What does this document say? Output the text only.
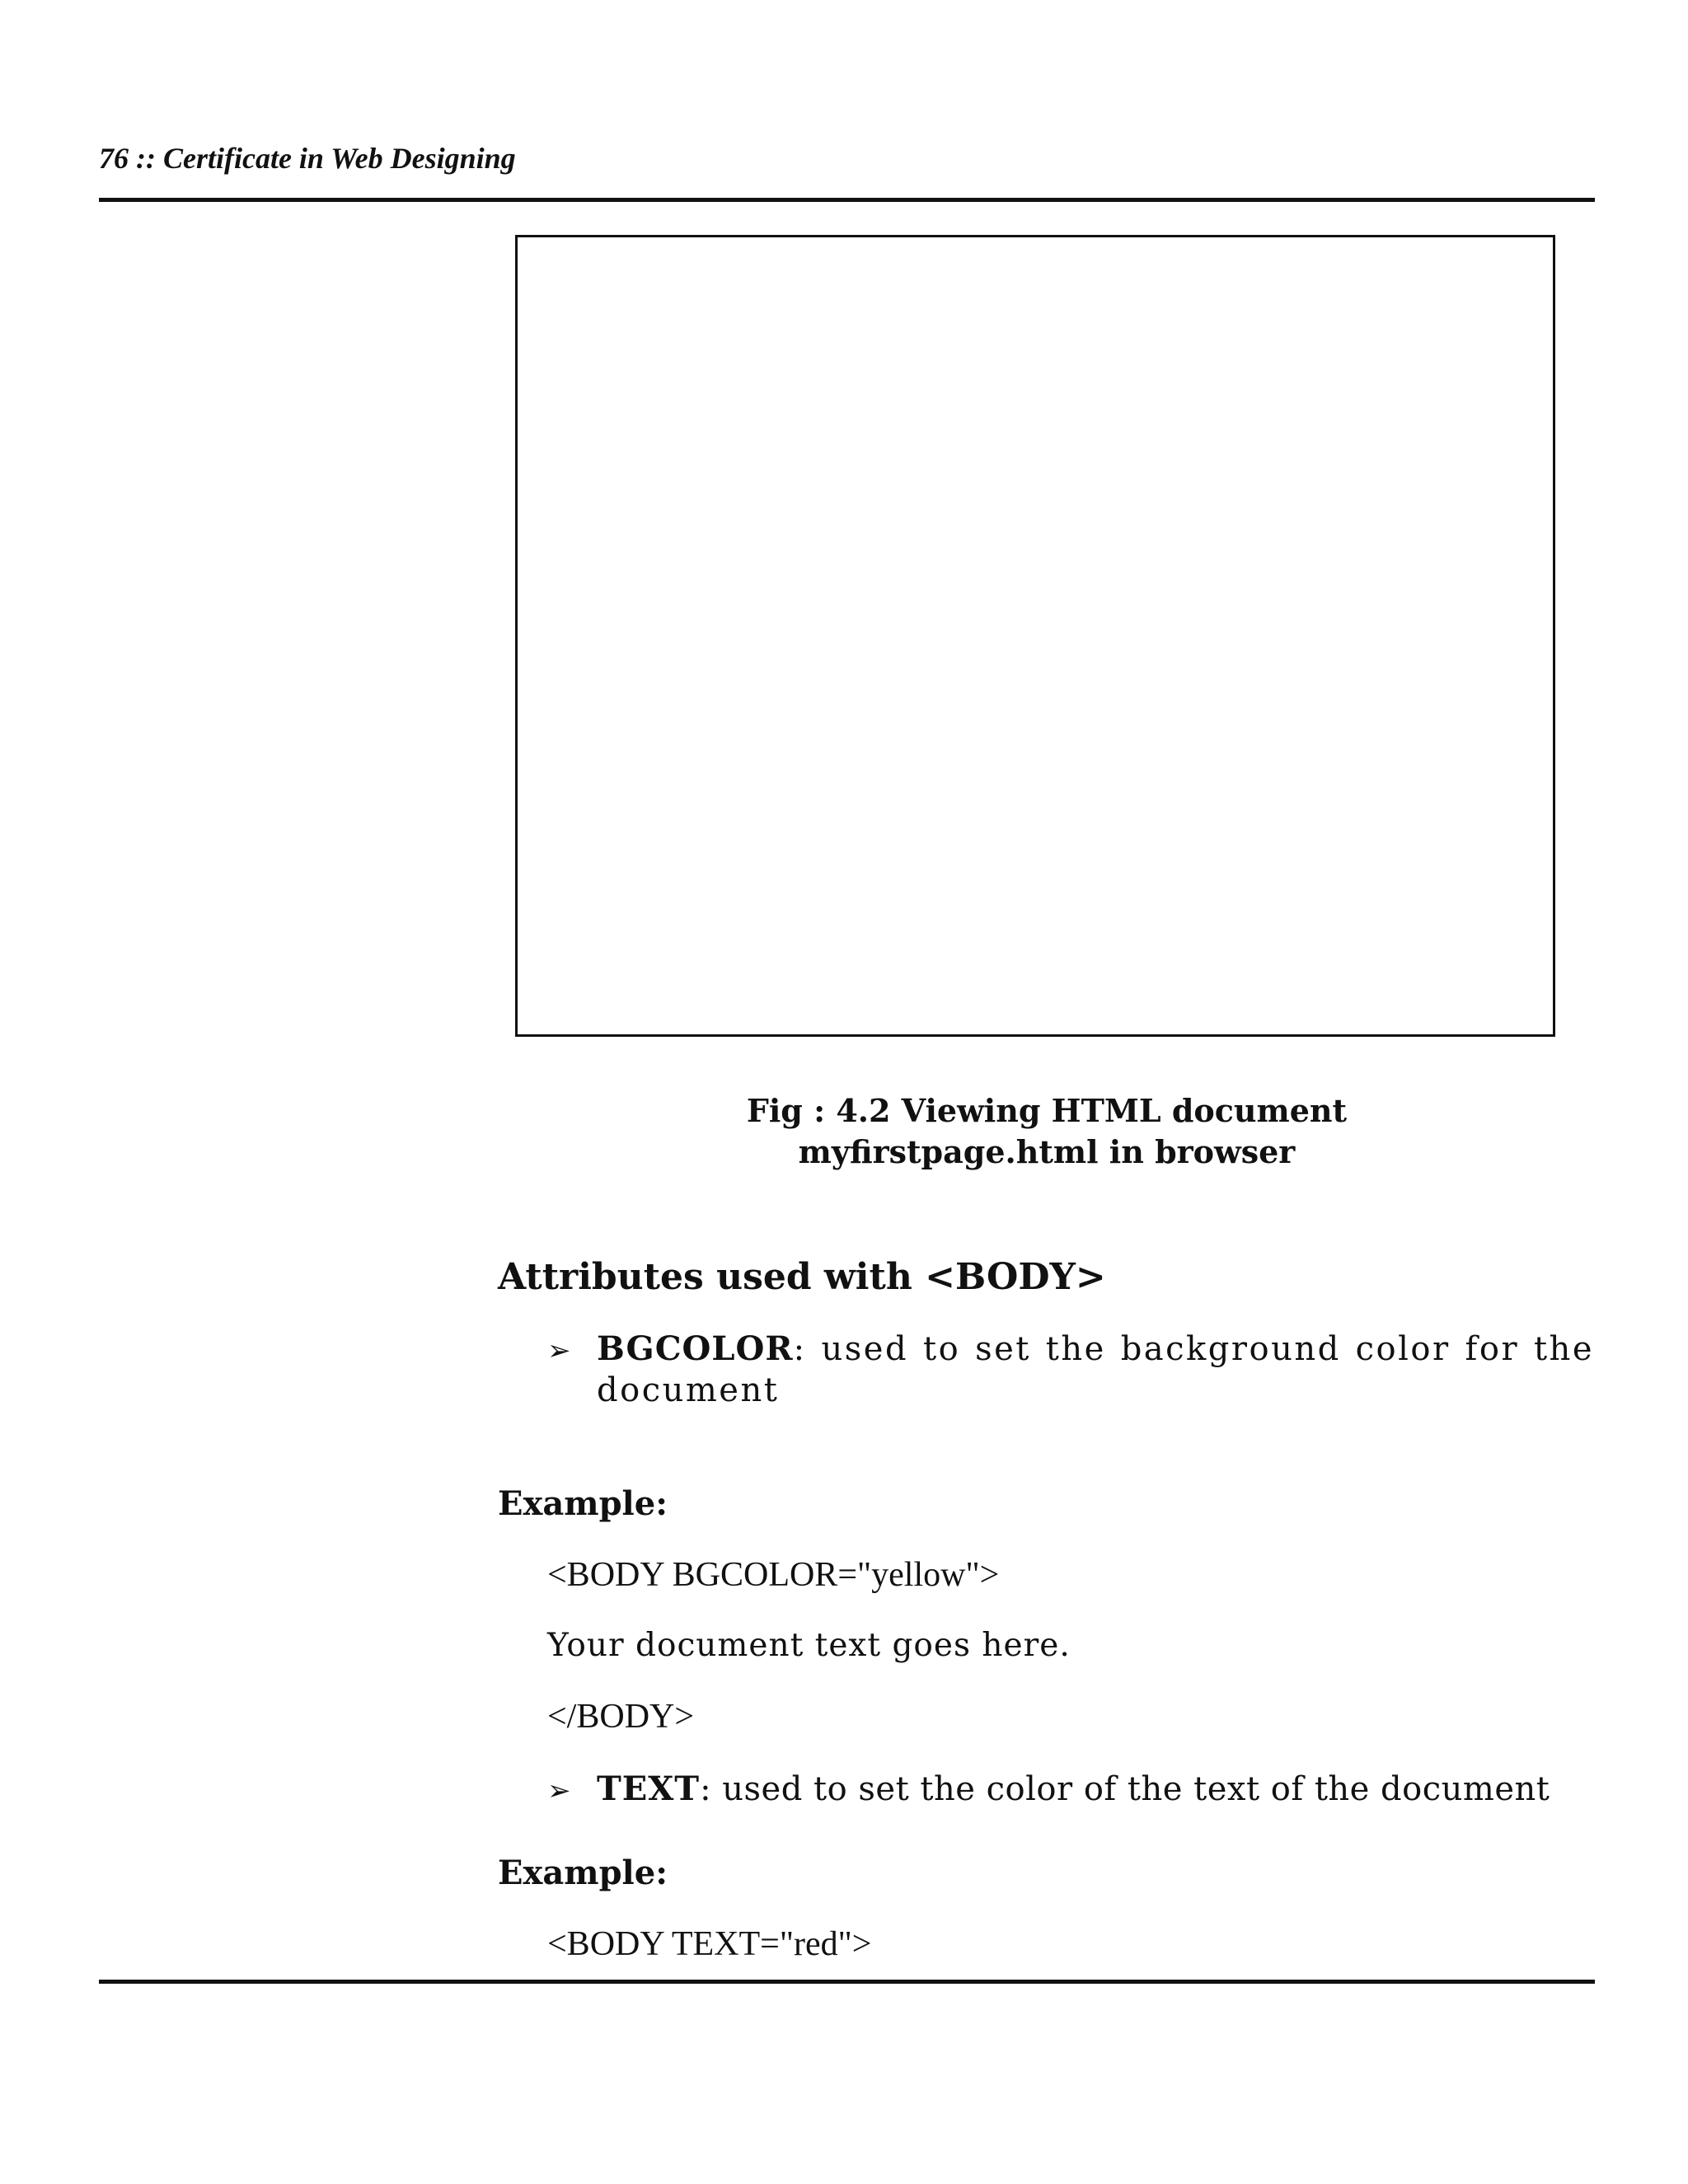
76 :: Certificate in Web Designing
Fig : 4.2 Viewing HTML document
myfirstpage.html in browser
Attributes used with <BODY>
➢ BGCOLOR: used to set the background color for the document
Example:
<BODY BGCOLOR="yellow">
Your document text goes here.
</BODY>
➢ TEXT: used to set the color of the text of the document
Example:
<BODY TEXT="red">
